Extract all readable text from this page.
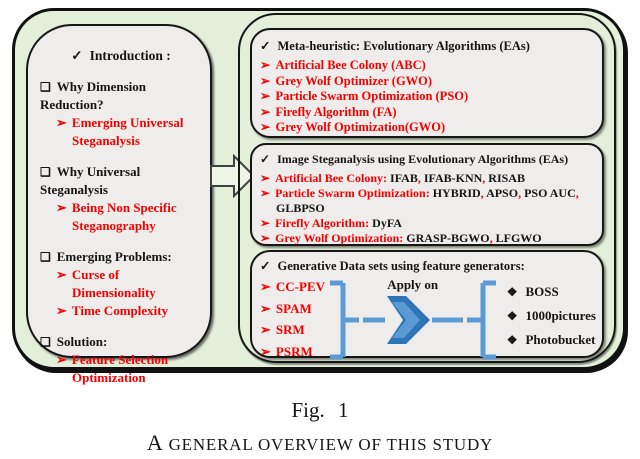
✓ Introduction :
❑ Why Dimension Reduction?
➢ Emerging Universal Steganalysis
❑ Why Universal Steganalysis
➢ Being Non Specific Steganography
❑ Emerging Problems:
➢ Curse of Dimensionality
➢ Time Complexity
❑ Solution:
➢ Feature Selection Optimization
✓ Meta-heuristic: Evolutionary Algorithms (EAs)
➢ Artificial Bee Colony (ABC)
➢ Grey Wolf Optimizer (GWO)
➢ Particle Swarm Optimization (PSO)
➢ Firefly Algorithm (FA)
➢ Grey Wolf Optimization(GWO)
✓ Image Steganalysis using Evolutionary Algorithms (EAs)
➢ Artificial Bee Colony: IFAB, IFAB-KNN, RISAB
➢ Particle Swarm Optimization: HYBRID, APSO, PSO AUC, GLBPSO
➢ Firefly Algorithm: DyFA
➢ Grey Wolf Optimization: GRASP-BGWO, LFGWO
✓ Generative Data sets using feature generators:
➢ CC-PEV
➢ SPAM
➢ SRM
➢ PSRM
Apply on	❖ BOSS
❖ 1000pictures
❖ Photobucket
Fig. 1
A GENERAL OVERVIEW OF THIS STUDY
